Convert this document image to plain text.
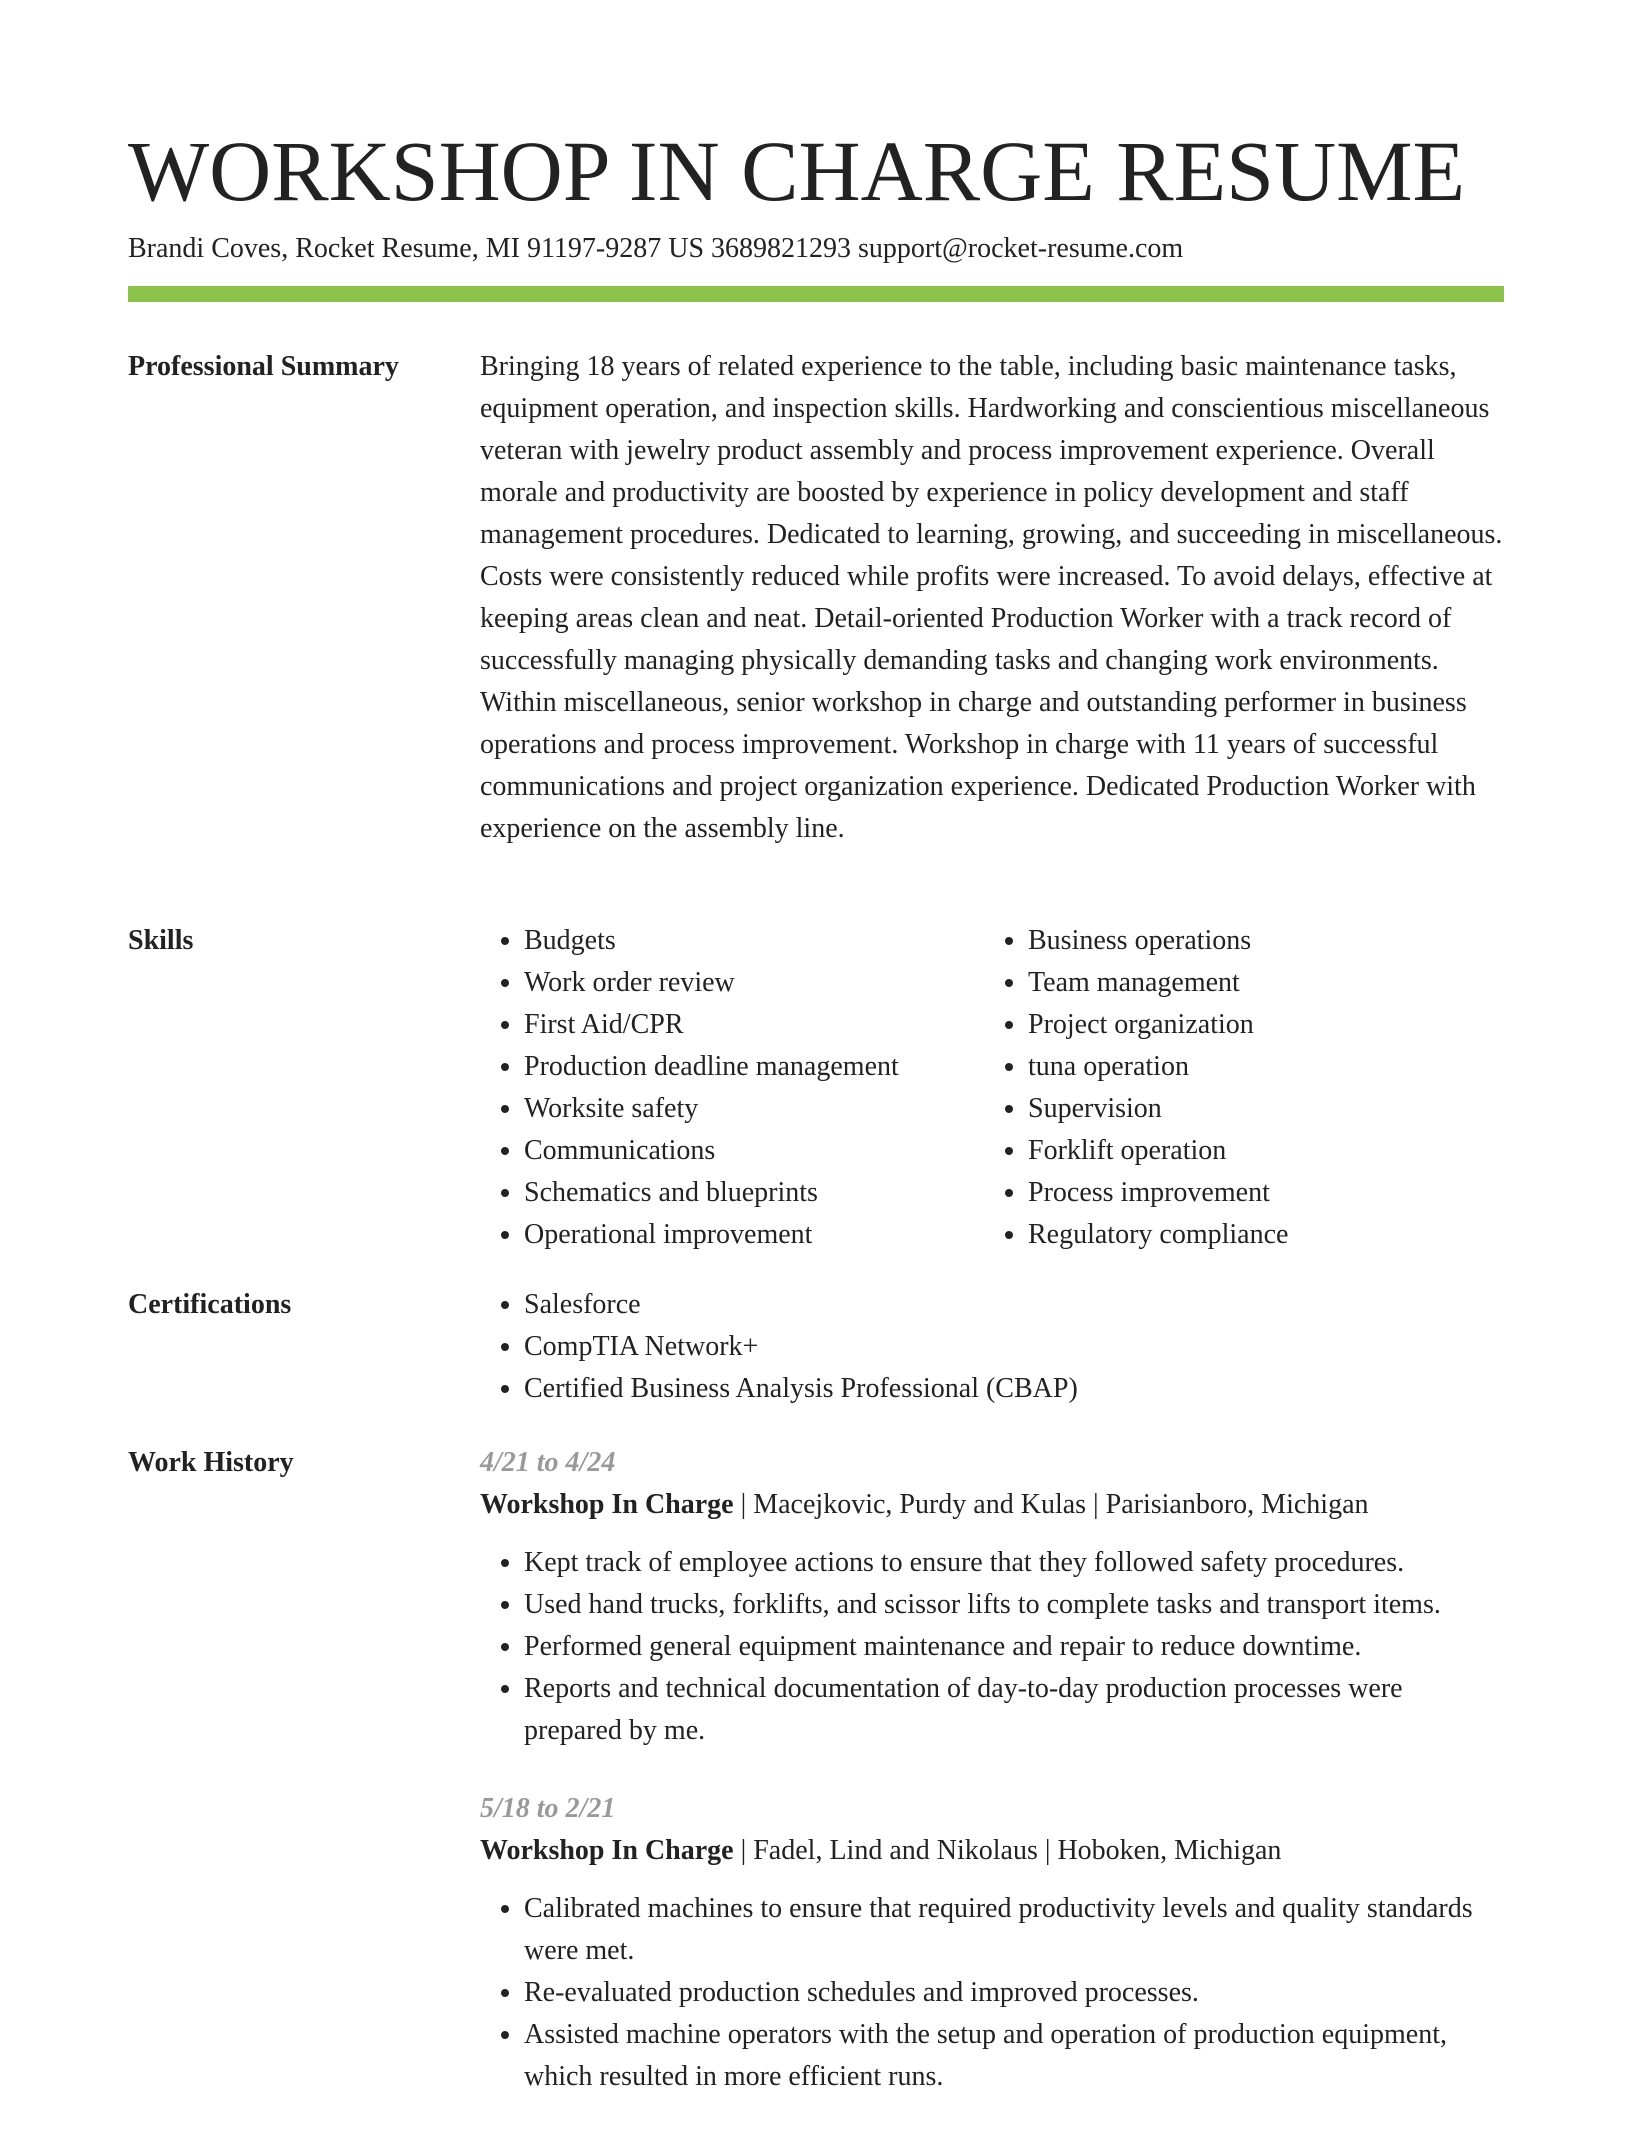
WORKSHOP IN CHARGE RESUME
Brandi Coves, Rocket Resume, MI 91197-9287 US 3689821293 support@rocket-resume.com
Professional Summary	Bringing 18 years of related experience to the table, including basic maintenance tasks, equipment operation, and inspection skills. Hardworking and conscientious miscellaneous veteran with jewelry product assembly and process improvement experience. Overall morale and productivity are boosted by experience in policy development and staff management procedures. Dedicated to learning, growing, and succeeding in miscellaneous. Costs were consistently reduced while profits were increased. To avoid delays, effective at keeping areas clean and neat. Detail-oriented Production Worker with a track record of successfully managing physically demanding tasks and changing work environments. Within miscellaneous, senior workshop in charge and outstanding performer in business operations and process improvement. Workshop in charge with 11 years of successful communications and project organization experience. Dedicated Production Worker with experience on the assembly line.

Skills	• Budgets
• Work order review
• First Aid/CPR
• Production deadline management
• Worksite safety
• Communications
• Schematics and blueprints
• Operational improvement
• Business operations
• Team management
• Project organization
• tuna operation
• Supervision
• Forklift operation
• Process improvement
• Regulatory compliance
Certifications	• Salesforce
• CompTIA Network+
• Certified Business Analysis Professional (CBAP)
Work History	4/21 to 4/24
Workshop In Charge | Macejkovic, Purdy and Kulas | Parisianboro, Michigan
• Kept track of employee actions to ensure that they followed safety procedures.
• Used hand trucks, forklifts, and scissor lifts to complete tasks and transport items.
• Performed general equipment maintenance and repair to reduce downtime.
• Reports and technical documentation of day-to-day production processes were prepared by me.
5/18 to 2/21
Workshop In Charge | Fadel, Lind and Nikolaus | Hoboken, Michigan
• Calibrated machines to ensure that required productivity levels and quality standards were met.
• Re-evaluated production schedules and improved processes.
• Assisted machine operators with the setup and operation of production equipment, which resulted in more efficient runs.
